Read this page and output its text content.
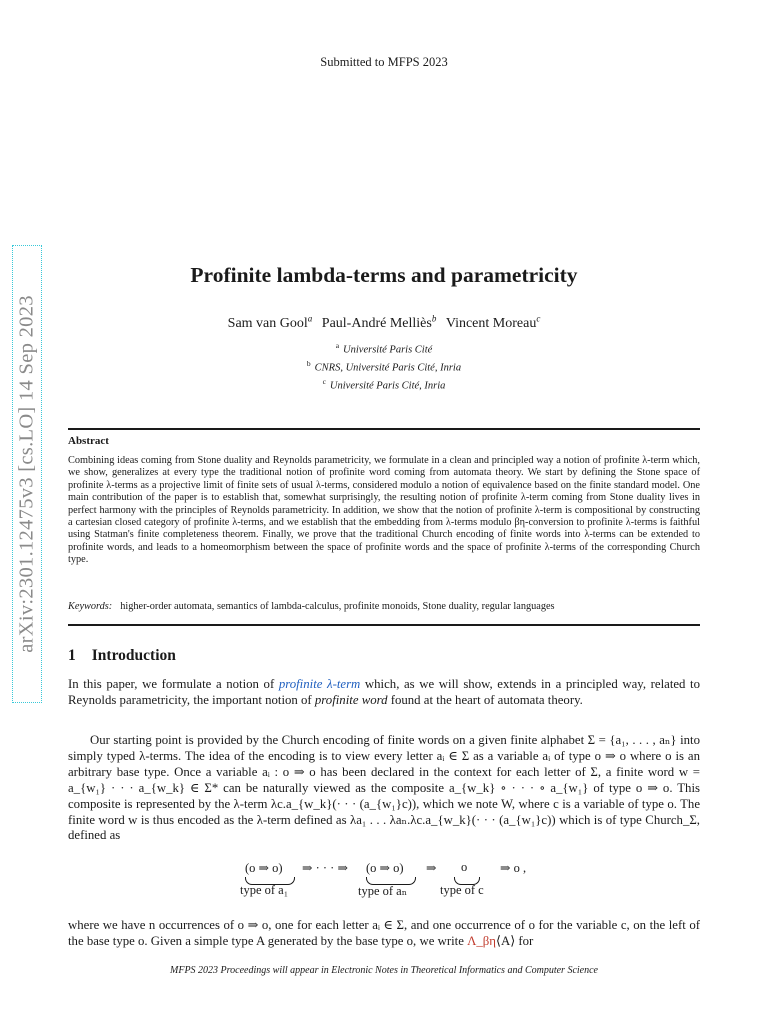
Submitted to MFPS 2023
arXiv:2301.12475v3 [cs.LO] 14 Sep 2023
Profinite lambda-terms and parametricity
Sam van Gool$^a$ Paul-André Melliès$^b$ Vincent Moreau$^c$
$^a$ Université Paris Cité
$^b$ CNRS, Université Paris Cité, Inria
$^c$ Université Paris Cité, Inria
Abstract
Combining ideas coming from Stone duality and Reynolds parametricity, we formulate in a clean and principled way a notion of profinite λ-term which, we show, generalizes at every type the traditional notion of profinite word coming from automata theory. We start by defining the Stone space of profinite λ-terms as a projective limit of finite sets of usual λ-terms, considered modulo a notion of equivalence based on the finite standard model. One main contribution of the paper is to establish that, somewhat surprisingly, the resulting notion of profinite λ-term coming from Stone duality lives in perfect harmony with the principles of Reynolds parametricity. In addition, we show that the notion of profinite λ-term is compositional by constructing a cartesian closed category of profinite λ-terms, and we establish that the embedding from λ-terms modulo βη-conversion to profinite λ-terms is faithful using Statman's finite completeness theorem. Finally, we prove that the traditional Church encoding of finite words into λ-terms can be extended to profinite words, and leads to a homeomorphism between the space of profinite words and the space of profinite λ-terms of the corresponding Church type.
Keywords: higher-order automata, semantics of lambda-calculus, profinite monoids, Stone duality, regular languages
1 Introduction
In this paper, we formulate a notion of profinite λ-term which, as we will show, extends in a principled way, related to Reynolds parametricity, the important notion of profinite word found at the heart of automata theory.
Our starting point is provided by the Church encoding of finite words on a given finite alphabet Σ = {a₁, . . . , aₙ} into simply typed λ-terms. The idea of the encoding is to view every letter aᵢ ∈ Σ as a variable aᵢ of type o ⇒ o where o is an arbitrary base type. Once a variable aᵢ : o ⇒ o has been declared in the context for each letter of Σ, a finite word w = a_{w₁} · · · a_{w_k} ∈ Σ* can be naturally viewed as the composite a_{w_k} ∘ · · · ∘ a_{w₁} of type o ⇒ o. This composite is represented by the λ-term λc.a_{w_k}(· · · (a_{w₁}c)), which we note W, where c is a variable of type o. The finite word w is thus encoded as the λ-term defined as λa₁ . . . λaₙ.λc.a_{w_k}(· · · (a_{w₁}c)) which is of type Church_Σ, defined as
(o ⇒ o) ⇒ · · · ⇒ (o ⇒ o) ⇒ o	⇒ o ,
type of a₁	type of aₙ	type of c
where we have n occurrences of o ⇒ o, one for each letter aᵢ ∈ Σ, and one occurrence of o for the variable c, on the left of the base type o. Given a simple type A generated by the base type o, we write Λ_βη⟨A⟩ for
MFPS 2023 Proceedings will appear in Electronic Notes in Theoretical Informatics and Computer Science
